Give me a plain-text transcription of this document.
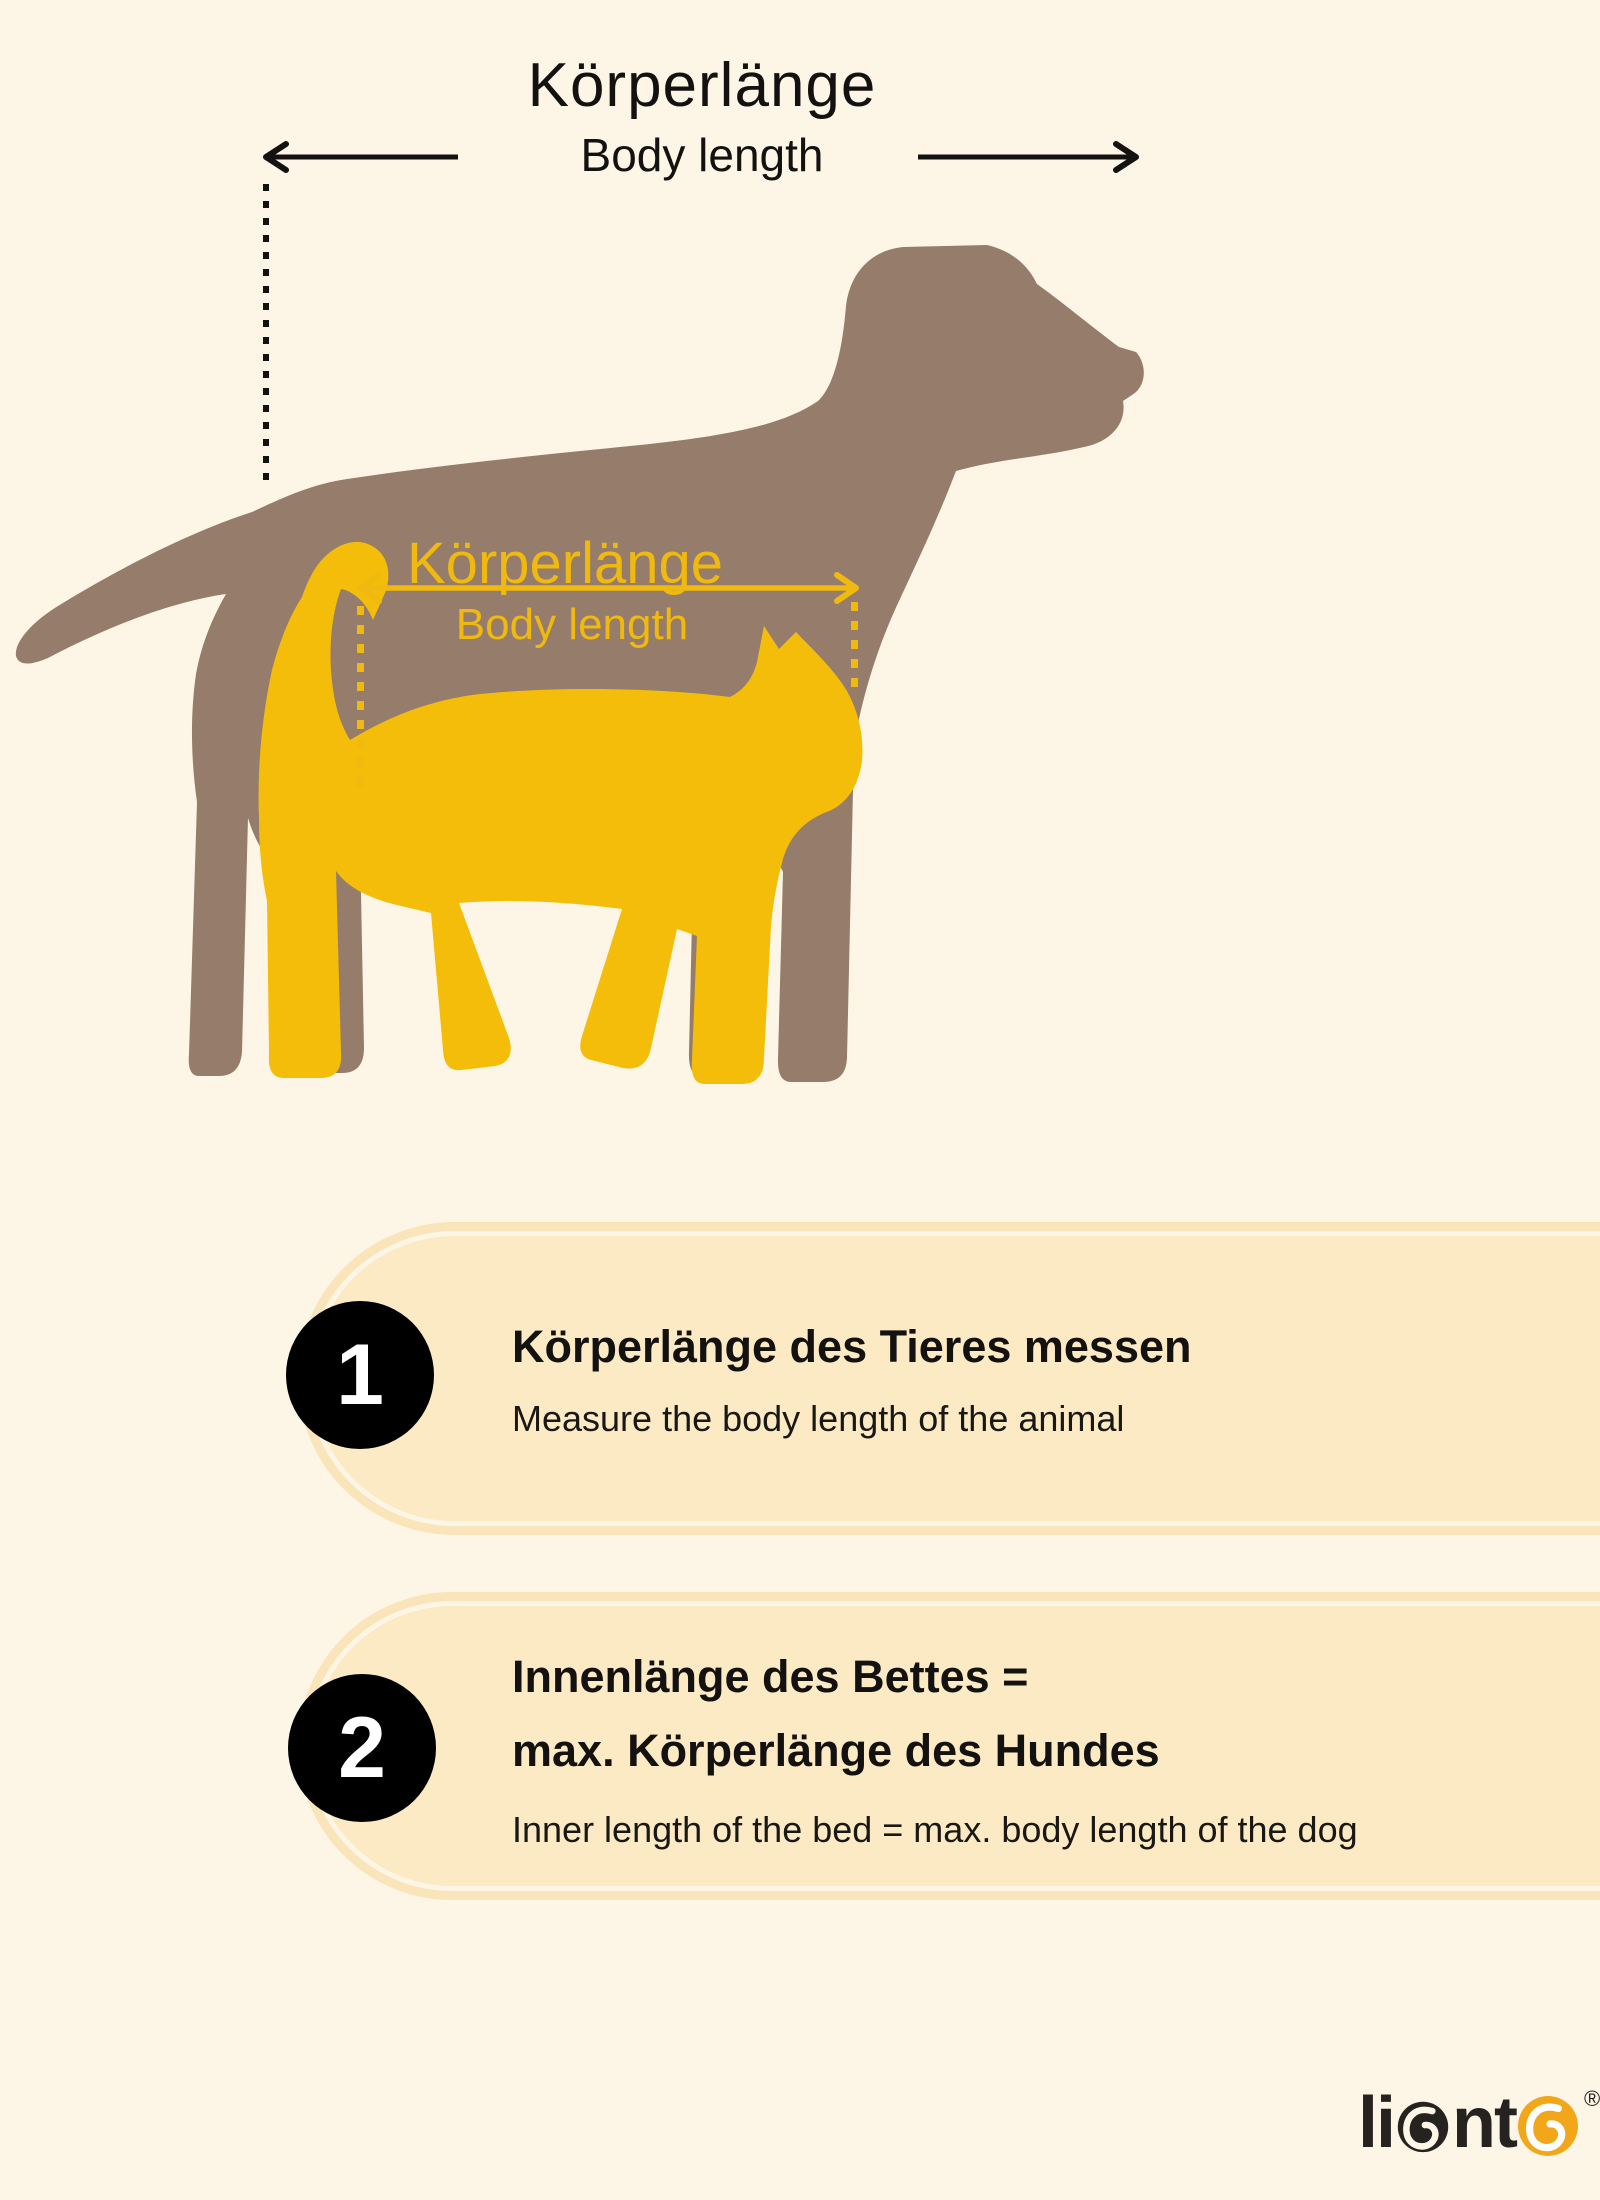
Körperlänge
Body length
Körperlänge
Body length
Körperlänge des Tieres messen
Measure the body length of the animal
1
Innenlänge des Bettes =
max. Körperlänge des Hundes
Inner length of the bed = max. body length of the dog
2
li nt	®
